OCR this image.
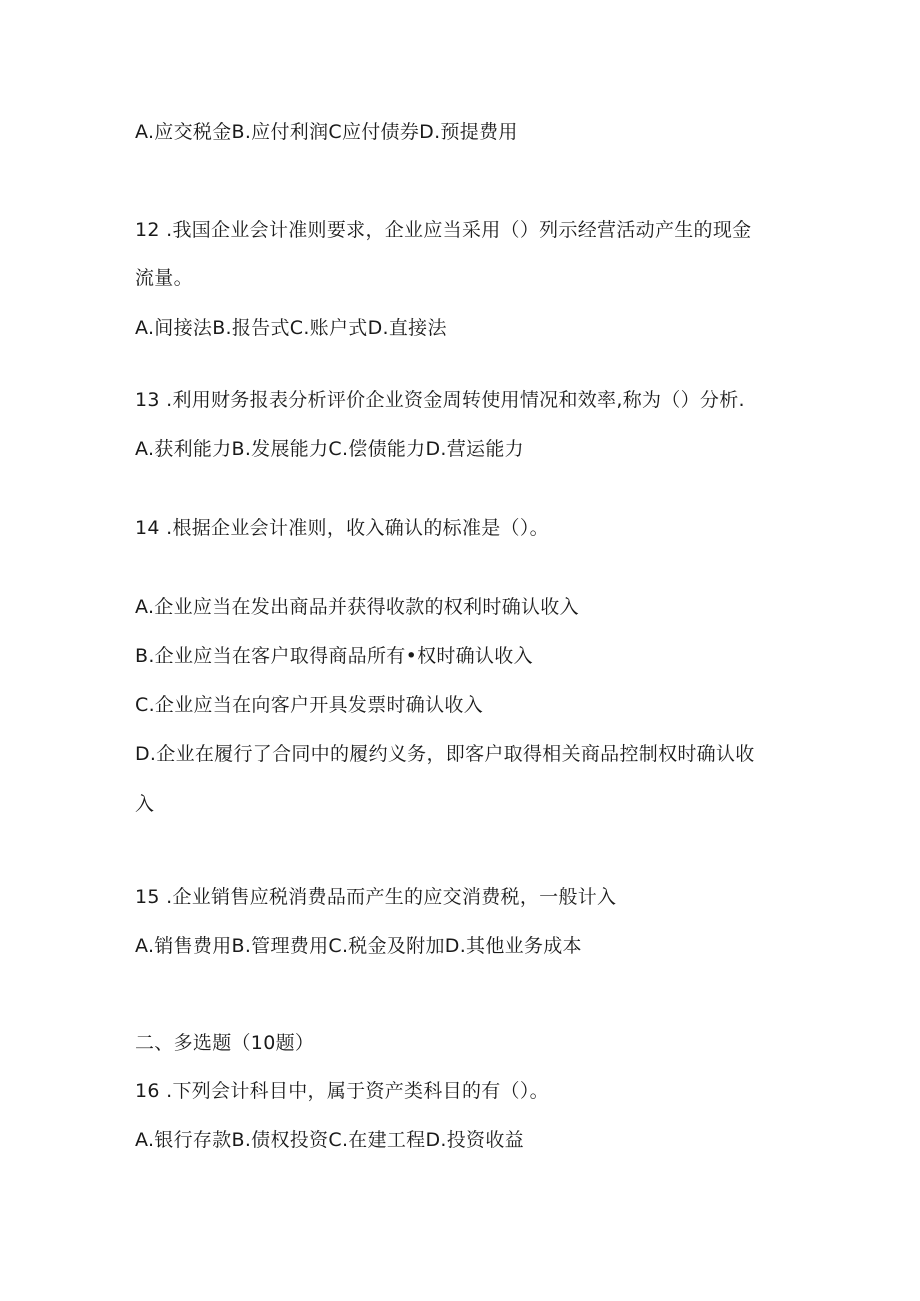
A.应交税金B.应付利润C应付债券D.预提费用
12 .我国企业会计准则要求，企业应当采用（）列示经营活动产生的现金
流量。
A.间接法B.报告式C.账户式D.直接法
13 .利用财务报表分析评价企业资金周转使用情况和效率,称为（）分析.
A.获利能力B.发展能力C.偿债能力D.营运能力
14 .根据企业会计准则，收入确认的标准是（）。
A.企业应当在发出商品并获得收款的权利时确认收入
B.企业应当在客户取得商品所有•权时确认收入
C.企业应当在向客户开具发票时确认收入
D.企业在履行了合同中的履约义务，即客户取得相关商品控制权时确认收
入
15 .企业销售应税消费品而产生的应交消费税，一般计入
A.销售费用B.管理费用C.税金及附加D.其他业务成本
二、多选题（10题）
16 .下列会计科目中，属于资产类科目的有（）。
A.银行存款B.债权投资C.在建工程D.投资收益
